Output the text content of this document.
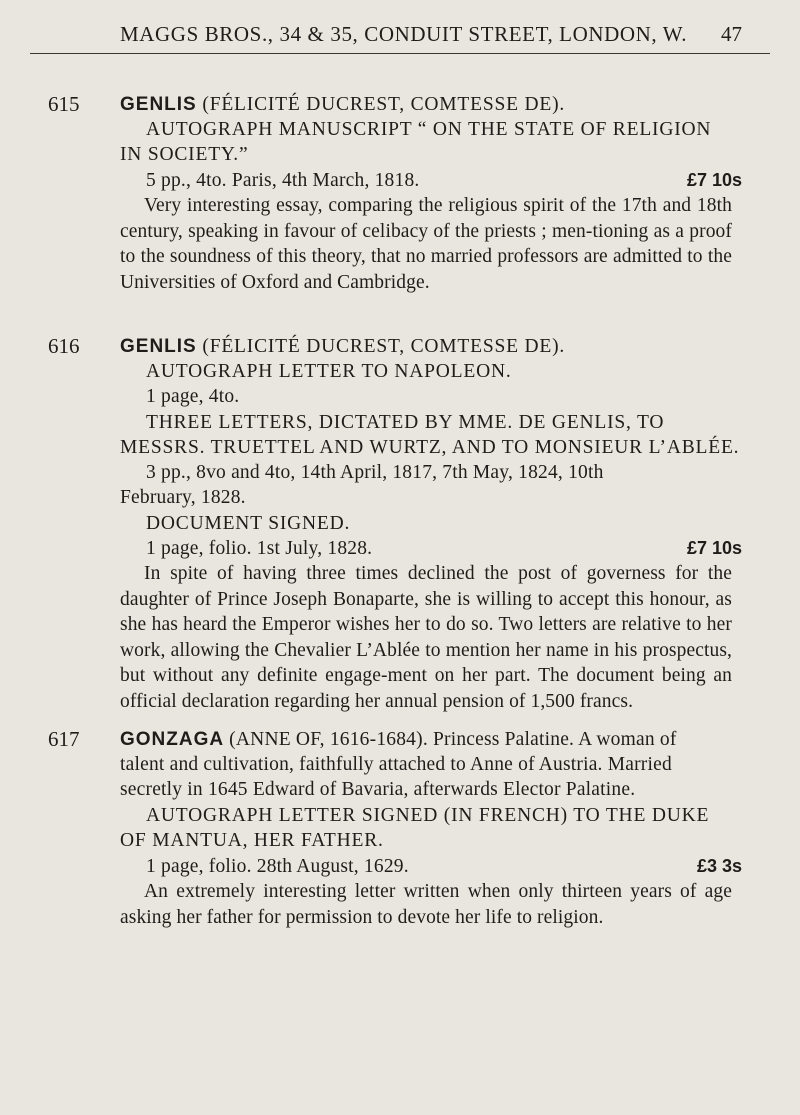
MAGGS BROS., 34 & 35, CONDUIT STREET, LONDON, W. 47
615 GENLIS (FÉLICITÉ DUCREST, COMTESSE DE).
AUTOGRAPH MANUSCRIPT “ ON THE STATE OF RELIGION
IN SOCIETY.”
5 pp., 4to. Paris, 4th March, 1818.	£7 10s
Very interesting essay, comparing the religious spirit of the 17th and 18th century, speaking in favour of celibacy of the priests ; men-tioning as a proof to the soundness of this theory, that no married professors are admitted to the Universities of Oxford and Cambridge.
616 GENLIS (FÉLICITÉ DUCREST, COMTESSE DE).
AUTOGRAPH LETTER TO NAPOLEON.
1 page, 4to.
THREE LETTERS, DICTATED BY MME. DE GENLIS, TO
MESSRS. TRUETTEL AND WURTZ, AND TO MONSIEUR L’ABLÉE.
3 pp., 8vo and 4to, 14th April, 1817, 7th May, 1824, 10th
February, 1828.
DOCUMENT SIGNED.
1 page, folio. 1st July, 1828.	£7 10s
In spite of having three times declined the post of governess for the daughter of Prince Joseph Bonaparte, she is willing to accept this honour, as she has heard the Emperor wishes her to do so. Two letters are relative to her work, allowing the Chevalier L’Ablée to mention her name in his prospectus, but without any definite engage-ment on her part. The document being an official declaration regarding her annual pension of 1,500 francs.
617 GONZAGA (ANNE OF, 1616-1684). Princess Palatine. A woman of
talent and cultivation, faithfully attached to Anne of Austria. Married
secretly in 1645 Edward of Bavaria, afterwards Elector Palatine.
AUTOGRAPH LETTER SIGNED (IN FRENCH) TO THE DUKE
OF MANTUA, HER FATHER.
1 page, folio. 28th August, 1629.	£3 3s
An extremely interesting letter written when only thirteen years of age asking her father for permission to devote her life to religion.
